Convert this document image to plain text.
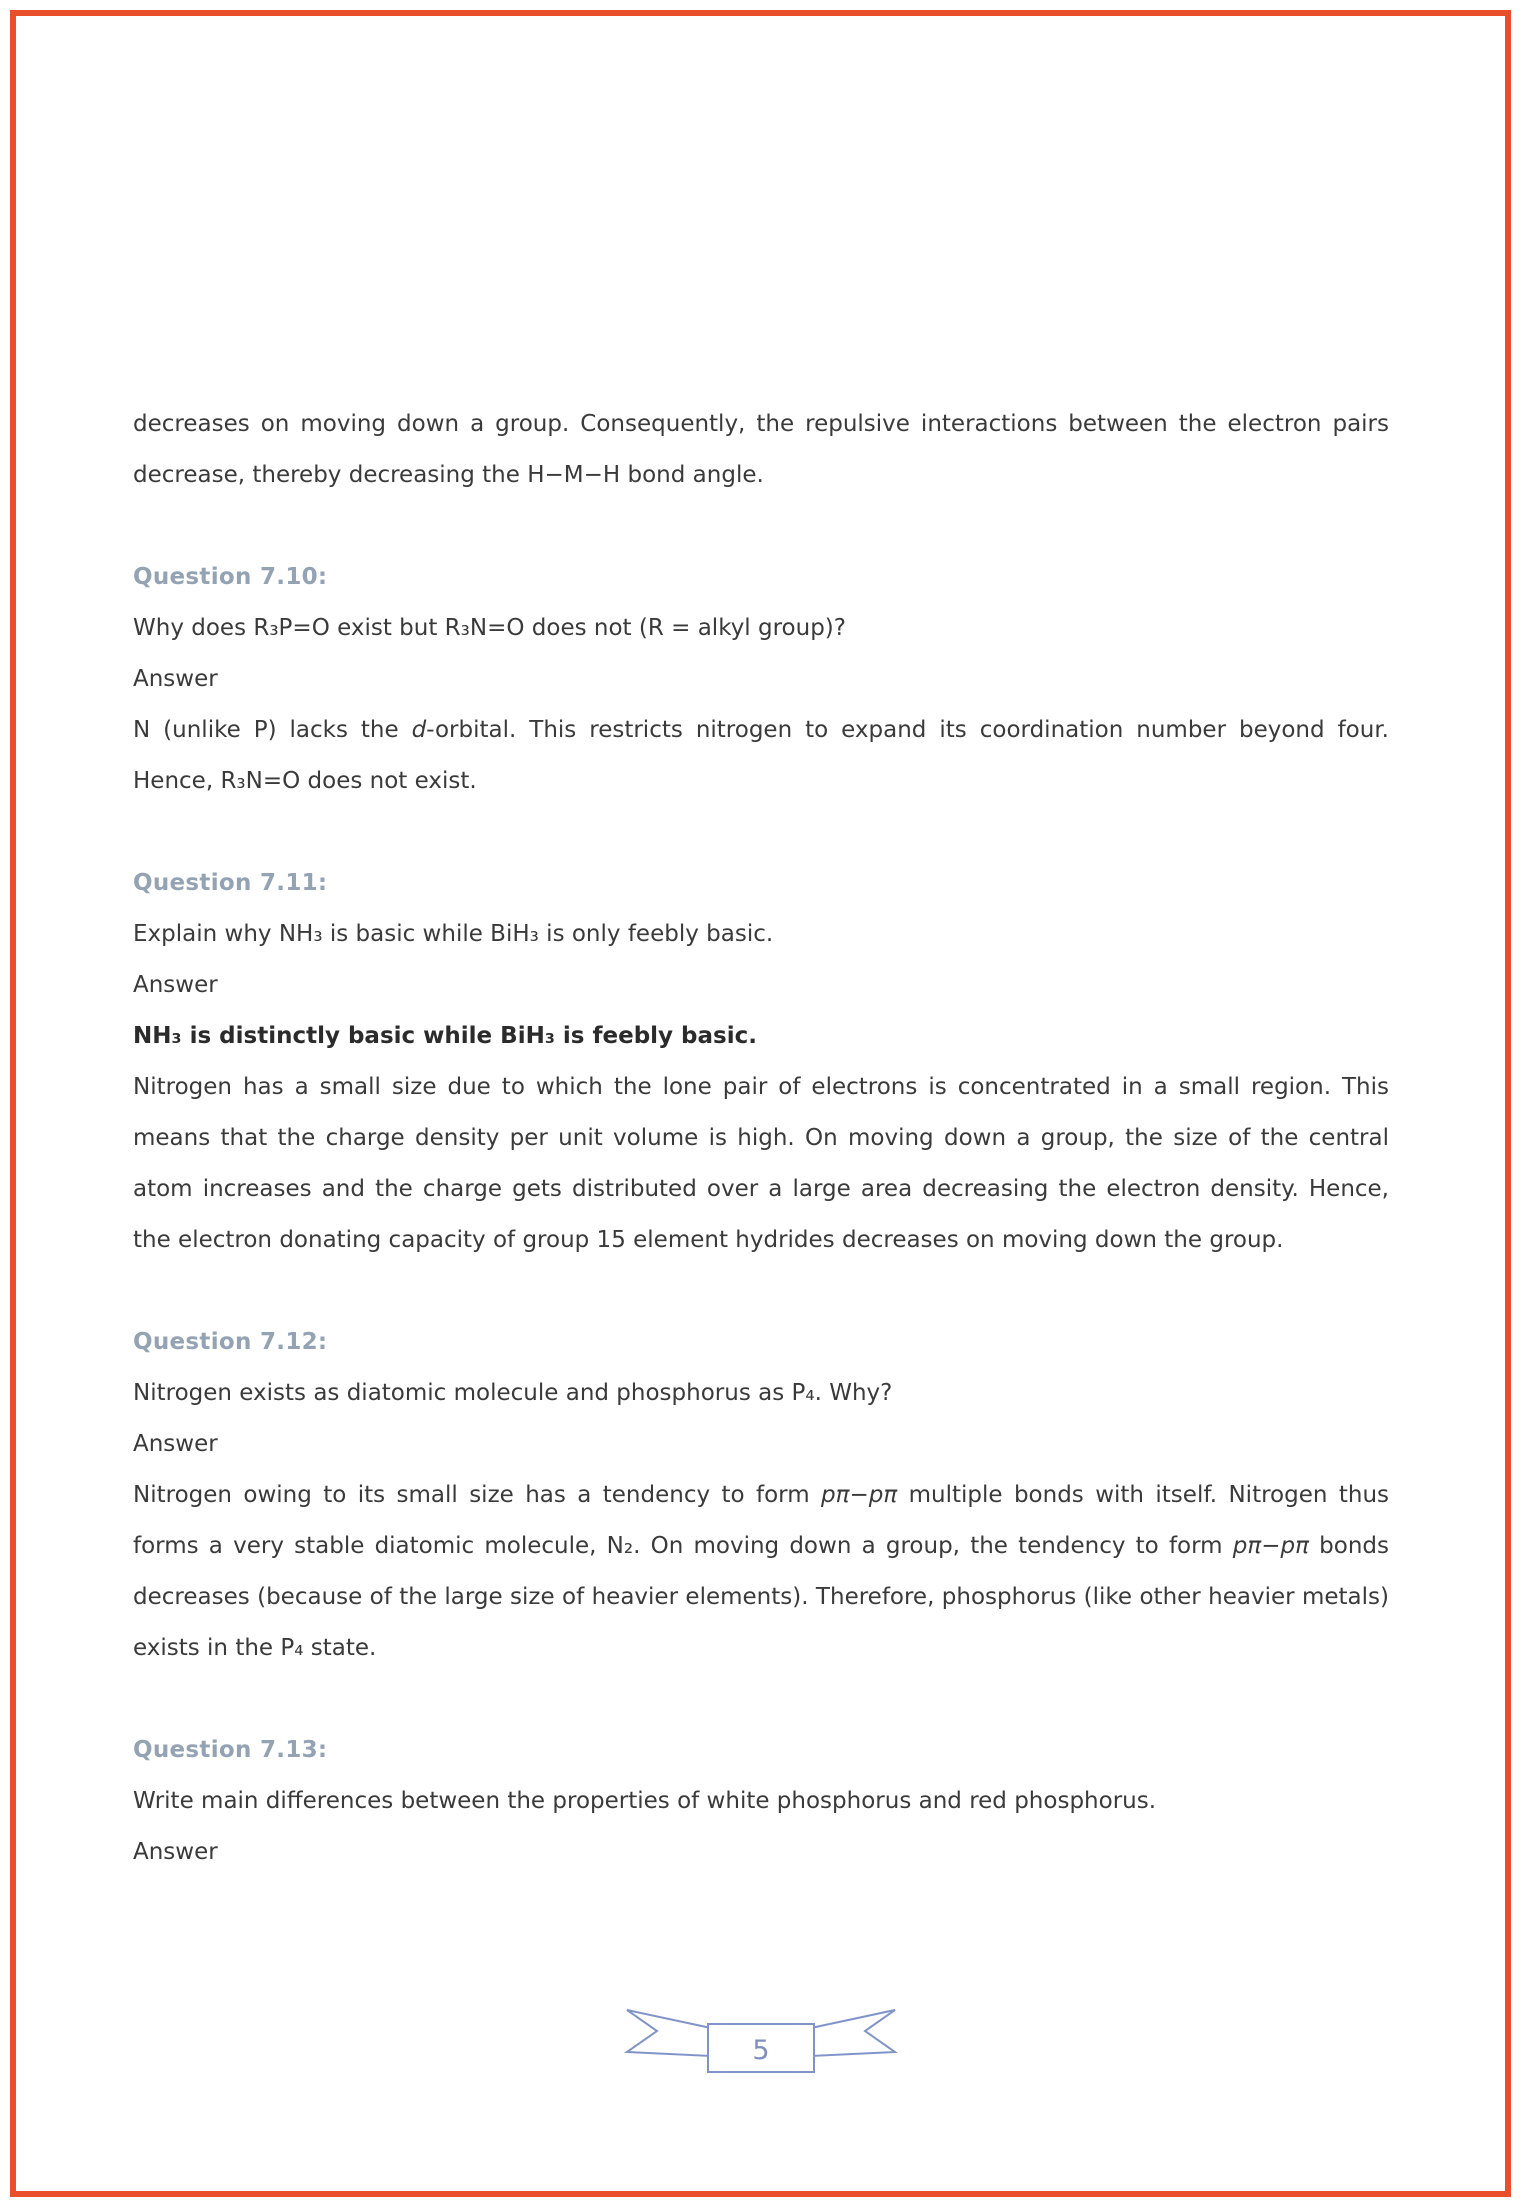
decreases on moving down a group. Consequently, the repulsive interactions between the electron pairs decrease, thereby decreasing the H−M−H bond angle.

Question 7.10:

Why does R₃P=O exist but R₃N=O does not (R = alkyl group)?

Answer

N (unlike P) lacks the d-orbital. This restricts nitrogen to expand its coordination number beyond four. Hence, R₃N=O does not exist.

Question 7.11:

Explain why NH₃ is basic while BiH₃ is only feebly basic.

Answer

NH₃ is distinctly basic while BiH₃ is feebly basic.

Nitrogen has a small size due to which the lone pair of electrons is concentrated in a small region. This means that the charge density per unit volume is high. On moving down a group, the size of the central atom increases and the charge gets distributed over a large area decreasing the electron density. Hence, the electron donating capacity of group 15 element hydrides decreases on moving down the group.

Question 7.12:

Nitrogen exists as diatomic molecule and phosphorus as P₄. Why?

Answer

Nitrogen owing to its small size has a tendency to form pπ−pπ multiple bonds with itself. Nitrogen thus forms a very stable diatomic molecule, N₂. On moving down a group, the tendency to form pπ−pπ bonds decreases (because of the large size of heavier elements). Therefore, phosphorus (like other heavier metals) exists in the P₄ state.

Question 7.13:

Write main differences between the properties of white phosphorus and red phosphorus.

Answer

5
